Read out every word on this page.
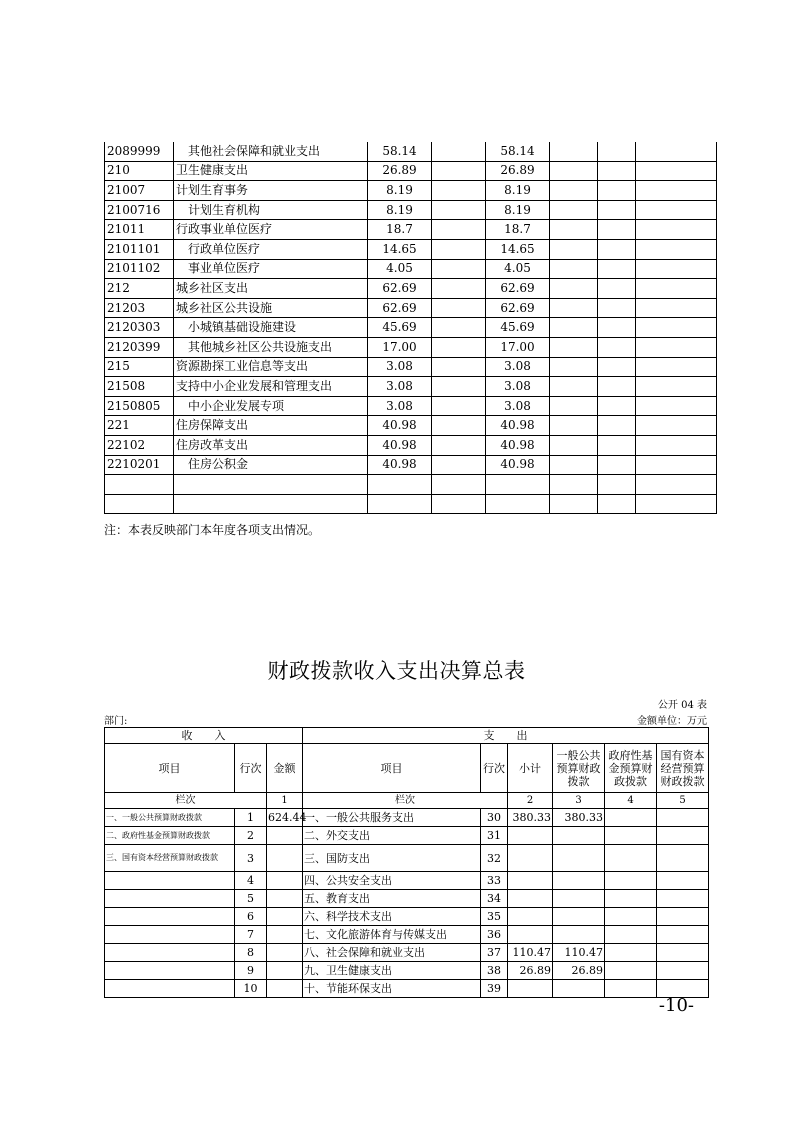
2089999	其他社会保障和就业支出	58.14		58.14			
210	卫生健康支出	26.89		26.89			
21007	计划生育事务	8.19		8.19			
2100716	计划生育机构	8.19		8.19			
21011	行政事业单位医疗	18.7		18.7			
2101101	行政单位医疗	14.65		14.65			
2101102	事业单位医疗	4.05		4.05			
212	城乡社区支出	62.69		62.69			
21203	城乡社区公共设施	62.69		62.69			
2120303	小城镇基础设施建设	45.69		45.69			
2120399	其他城乡社区公共设施支出	17.00		17.00			
215	资源勘探工业信息等支出	3.08		3.08			
21508	支持中小企业发展和管理支出	3.08		3.08			
2150805	中小企业发展专项	3.08		3.08			
221	住房保障支出	40.98		40.98			
22102	住房改革支出	40.98		40.98			
2210201	住房公积金	40.98		40.98			

注：本表反映部门本年度各项支出情况。
财政拨款收入支出决算总表
公开 04 表
部门:	金额单位：万元
收　　入			支　　出					
项目	行次	金额	项目	行次	小计	一般公共预算财政拨款	政府性基金预算财政拨款	国有资本经营预算财政拨款
栏次		1	栏次		2	3	4	5
一、一般公共预算财政拨款	1	624.44	一、一般公共服务支出	30	380.33	380.33		
二、政府性基金预算财政拨款	2		二、外交支出	31				
三、国有资本经营预算财政拨款	3		三、国防支出	32				
	4		四、公共安全支出	33				
	5		五、教育支出	34				
	6		六、科学技术支出	35				
	7		七、文化旅游体育与传媒支出	36				
	8		八、社会保障和就业支出	37	110.47	110.47		
	9		九、卫生健康支出	38	26.89	26.89		
	10		十、节能环保支出	39				
-10-
